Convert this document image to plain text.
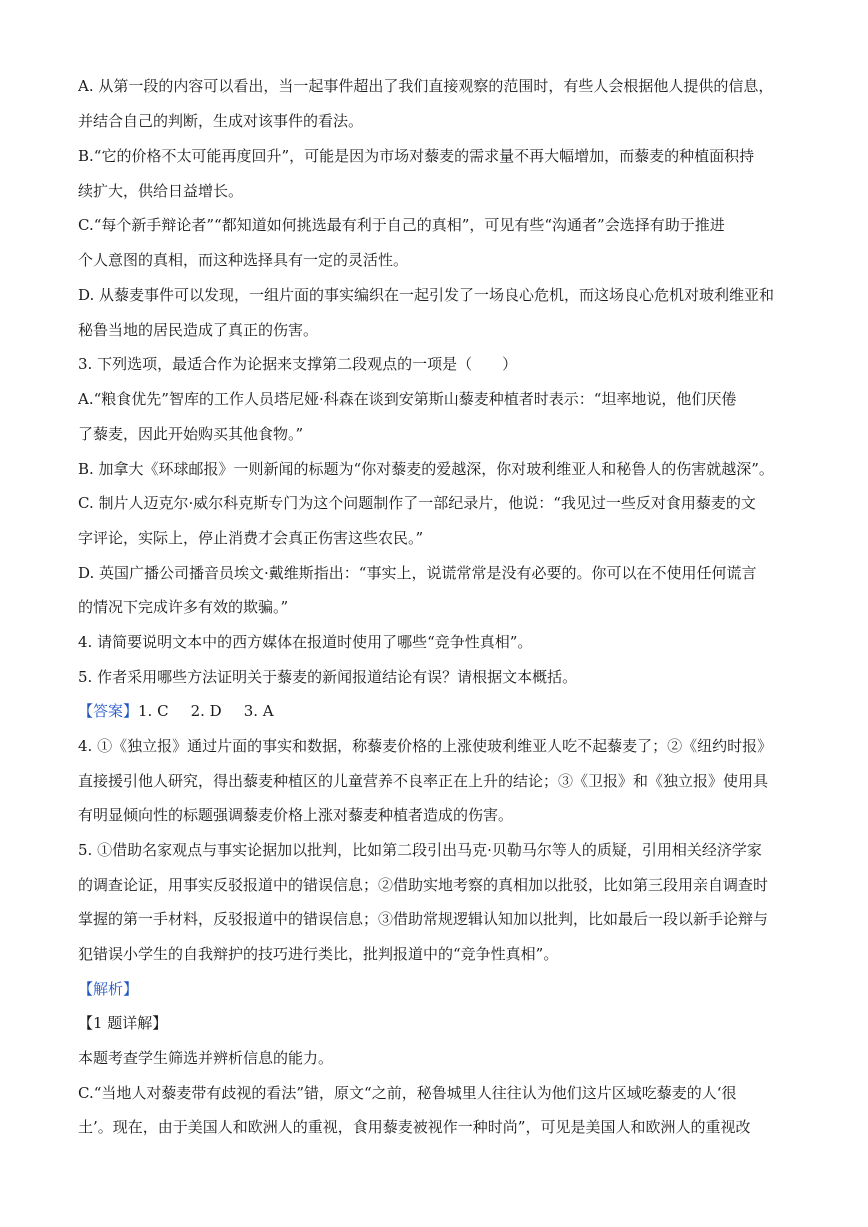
A. 从第一段的内容可以看出，当一起事件超出了我们直接观察的范围时，有些人会根据他人提供的信息，
并结合自己的判断，生成对该事件的看法。
B.“它的价格不太可能再度回升”，可能是因为市场对藜麦的需求量不再大幅增加，而藜麦的种植面积持
续扩大，供给日益增长。
C.“每个新手辩论者”“都知道如何挑选最有利于自己的真相”，可见有些“沟通者”会选择有助于推进
个人意图的真相，而这种选择具有一定的灵活性。
D. 从藜麦事件可以发现，一组片面的事实编织在一起引发了一场良心危机，而这场良心危机对玻利维亚和
秘鲁当地的居民造成了真正的伤害。
3. 下列选项，最适合作为论据来支撑第二段观点的一项是（　　）
A.“粮食优先”智库的工作人员塔尼娅·科森在谈到安第斯山藜麦种植者时表示：“坦率地说，他们厌倦
了藜麦，因此开始购买其他食物。”
B. 加拿大《环球邮报》一则新闻的标题为“你对藜麦的爱越深，你对玻利维亚人和秘鲁人的伤害就越深”。
C. 制片人迈克尔·威尔科克斯专门为这个问题制作了一部纪录片，他说：“我见过一些反对食用藜麦的文
字评论，实际上，停止消费才会真正伤害这些农民。”
D. 英国广播公司播音员埃文·戴维斯指出：“事实上，说谎常常是没有必要的。你可以在不使用任何谎言
的情况下完成许多有效的欺骗。”
4. 请简要说明文本中的西方媒体在报道时使用了哪些“竞争性真相”。
5. 作者采用哪些方法证明关于藜麦的新闻报道结论有误？请根据文本概括。
【答案】1. C 2. D 3. A
4. ①《独立报》通过片面的事实和数据，称藜麦价格的上涨使玻利维亚人吃不起藜麦了；②《纽约时报》
直接援引他人研究，得出藜麦种植区的儿童营养不良率正在上升的结论；③《卫报》和《独立报》使用具
有明显倾向性的标题强调藜麦价格上涨对藜麦种植者造成的伤害。
5. ①借助名家观点与事实论据加以批判，比如第二段引出马克·贝勒马尔等人的质疑，引用相关经济学家
的调查论证，用事实反驳报道中的错误信息；②借助实地考察的真相加以批驳，比如第三段用亲自调查时
掌握的第一手材料，反驳报道中的错误信息；③借助常规逻辑认知加以批判，比如最后一段以新手论辩与
犯错误小学生的自我辩护的技巧进行类比，批判报道中的“竞争性真相”。
【解析】
【1 题详解】
本题考查学生筛选并辨析信息的能力。
C.“当地人对藜麦带有歧视的看法”错，原文“之前，秘鲁城里人往往认为他们这片区域吃藜麦的人‘很
土’。现在，由于美国人和欧洲人的重视，食用藜麦被视作一种时尚”，可见是美国人和欧洲人的重视改
